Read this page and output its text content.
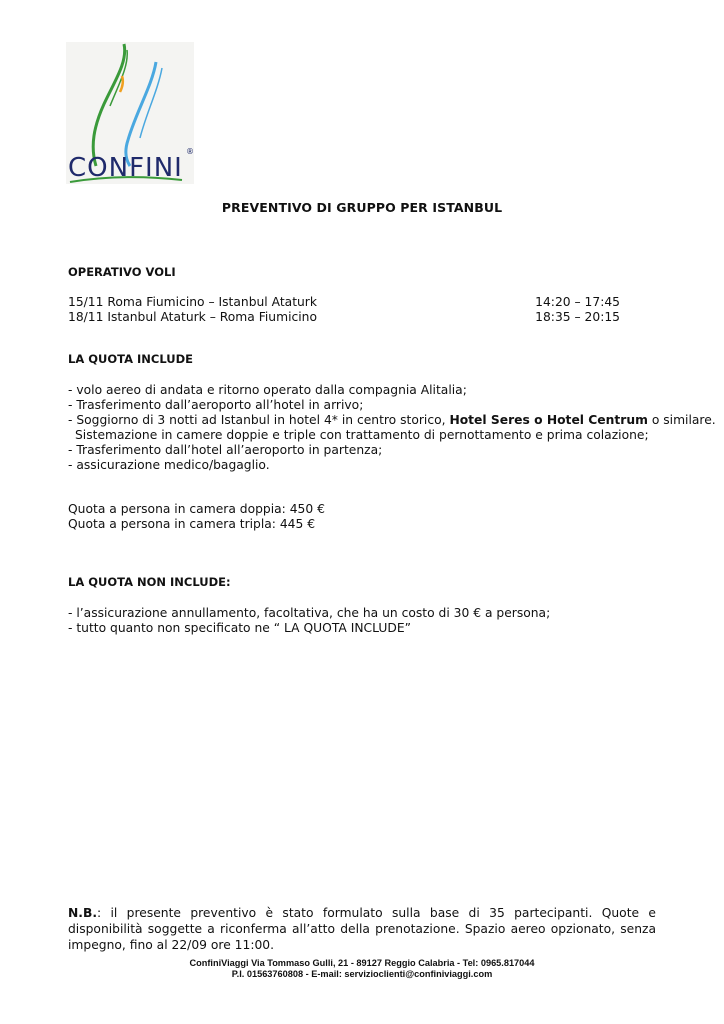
CONFINI
®
PREVENTIVO DI GRUPPO PER ISTANBUL
OPERATIVO VOLI
15/11 Roma Fiumicino – Istanbul Ataturk	14:20 – 17:45
18/11 Istanbul Ataturk – Roma Fiumicino	18:35 – 20:15
LA QUOTA INCLUDE
- volo aereo di andata e ritorno operato dalla compagnia Alitalia;
- Trasferimento dall’aeroporto all’hotel in arrivo;
- Soggiorno di 3 notti ad Istanbul in hotel 4* in centro storico, Hotel Seres o Hotel Centrum o similare.
Sistemazione in camere doppie e triple con trattamento di pernottamento e prima colazione;
- Trasferimento dall’hotel all’aeroporto in partenza;
- assicurazione medico/bagaglio.
Quota a persona in camera doppia: 450 €
Quota a persona in camera tripla: 445 €
LA QUOTA NON INCLUDE:
- l’assicurazione annullamento, facoltativa, che ha un costo di 30 € a persona;
- tutto quanto non specificato ne “ LA QUOTA INCLUDE”
N.B.: il presente preventivo è stato formulato sulla base di 35 partecipanti. Quote e disponibilità soggette a riconferma all’atto della prenotazione. Spazio aereo opzionato, senza impegno, fino al 22/09 ore 11:00.
ConfiniViaggi Via Tommaso Gulli, 21 - 89127 Reggio Calabria - Tel: 0965.817044
P.I. 01563760808 - E-mail: servizioclienti@confiniviaggi.com
